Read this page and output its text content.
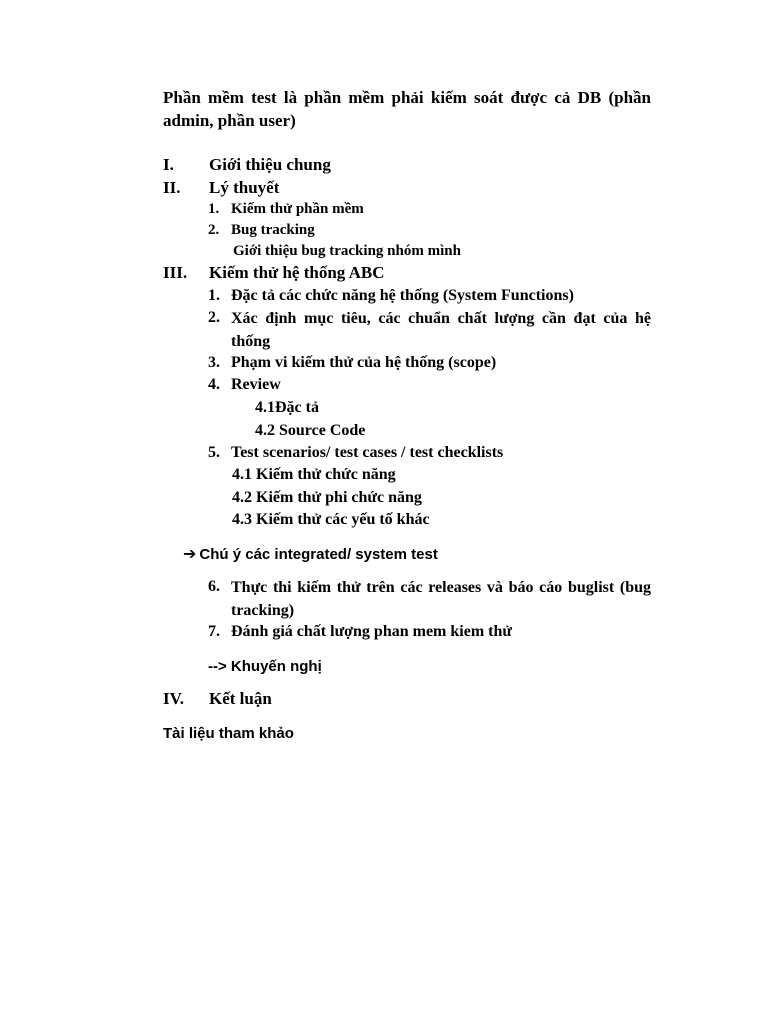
Phần mềm test là phần mềm phải kiếm soát được cả DB (phần admin, phần user)
I. Giới thiệu chung
II. Lý thuyết
1. Kiếm thử phần mềm
2. Bug tracking
Giới thiệu bug tracking nhóm mình
III. Kiếm thử hệ thống ABC
1. Đặc tả các chức năng hệ thống (System Functions)
2. Xác định mục tiêu, các chuẩn chất lượng cần đạt của hệ thống
3. Phạm vi kiếm thử của hệ thống (scope)
4. Review
4.1Đặc tả
4.2 Source Code
5. Test scenarios/ test cases / test checklists
4.1 Kiếm thử chức năng
4.2 Kiếm thử phi chức năng
4.3 Kiếm thử các yếu tố khác
➔ Chú ý các integrated/ system test
6. Thực thi kiếm thử trên các releases và báo cáo buglist (bug tracking)
7. Đánh giá chất lượng phan mem kiem thử
--> Khuyến nghị
IV. Kết luận
Tài liệu tham khảo
